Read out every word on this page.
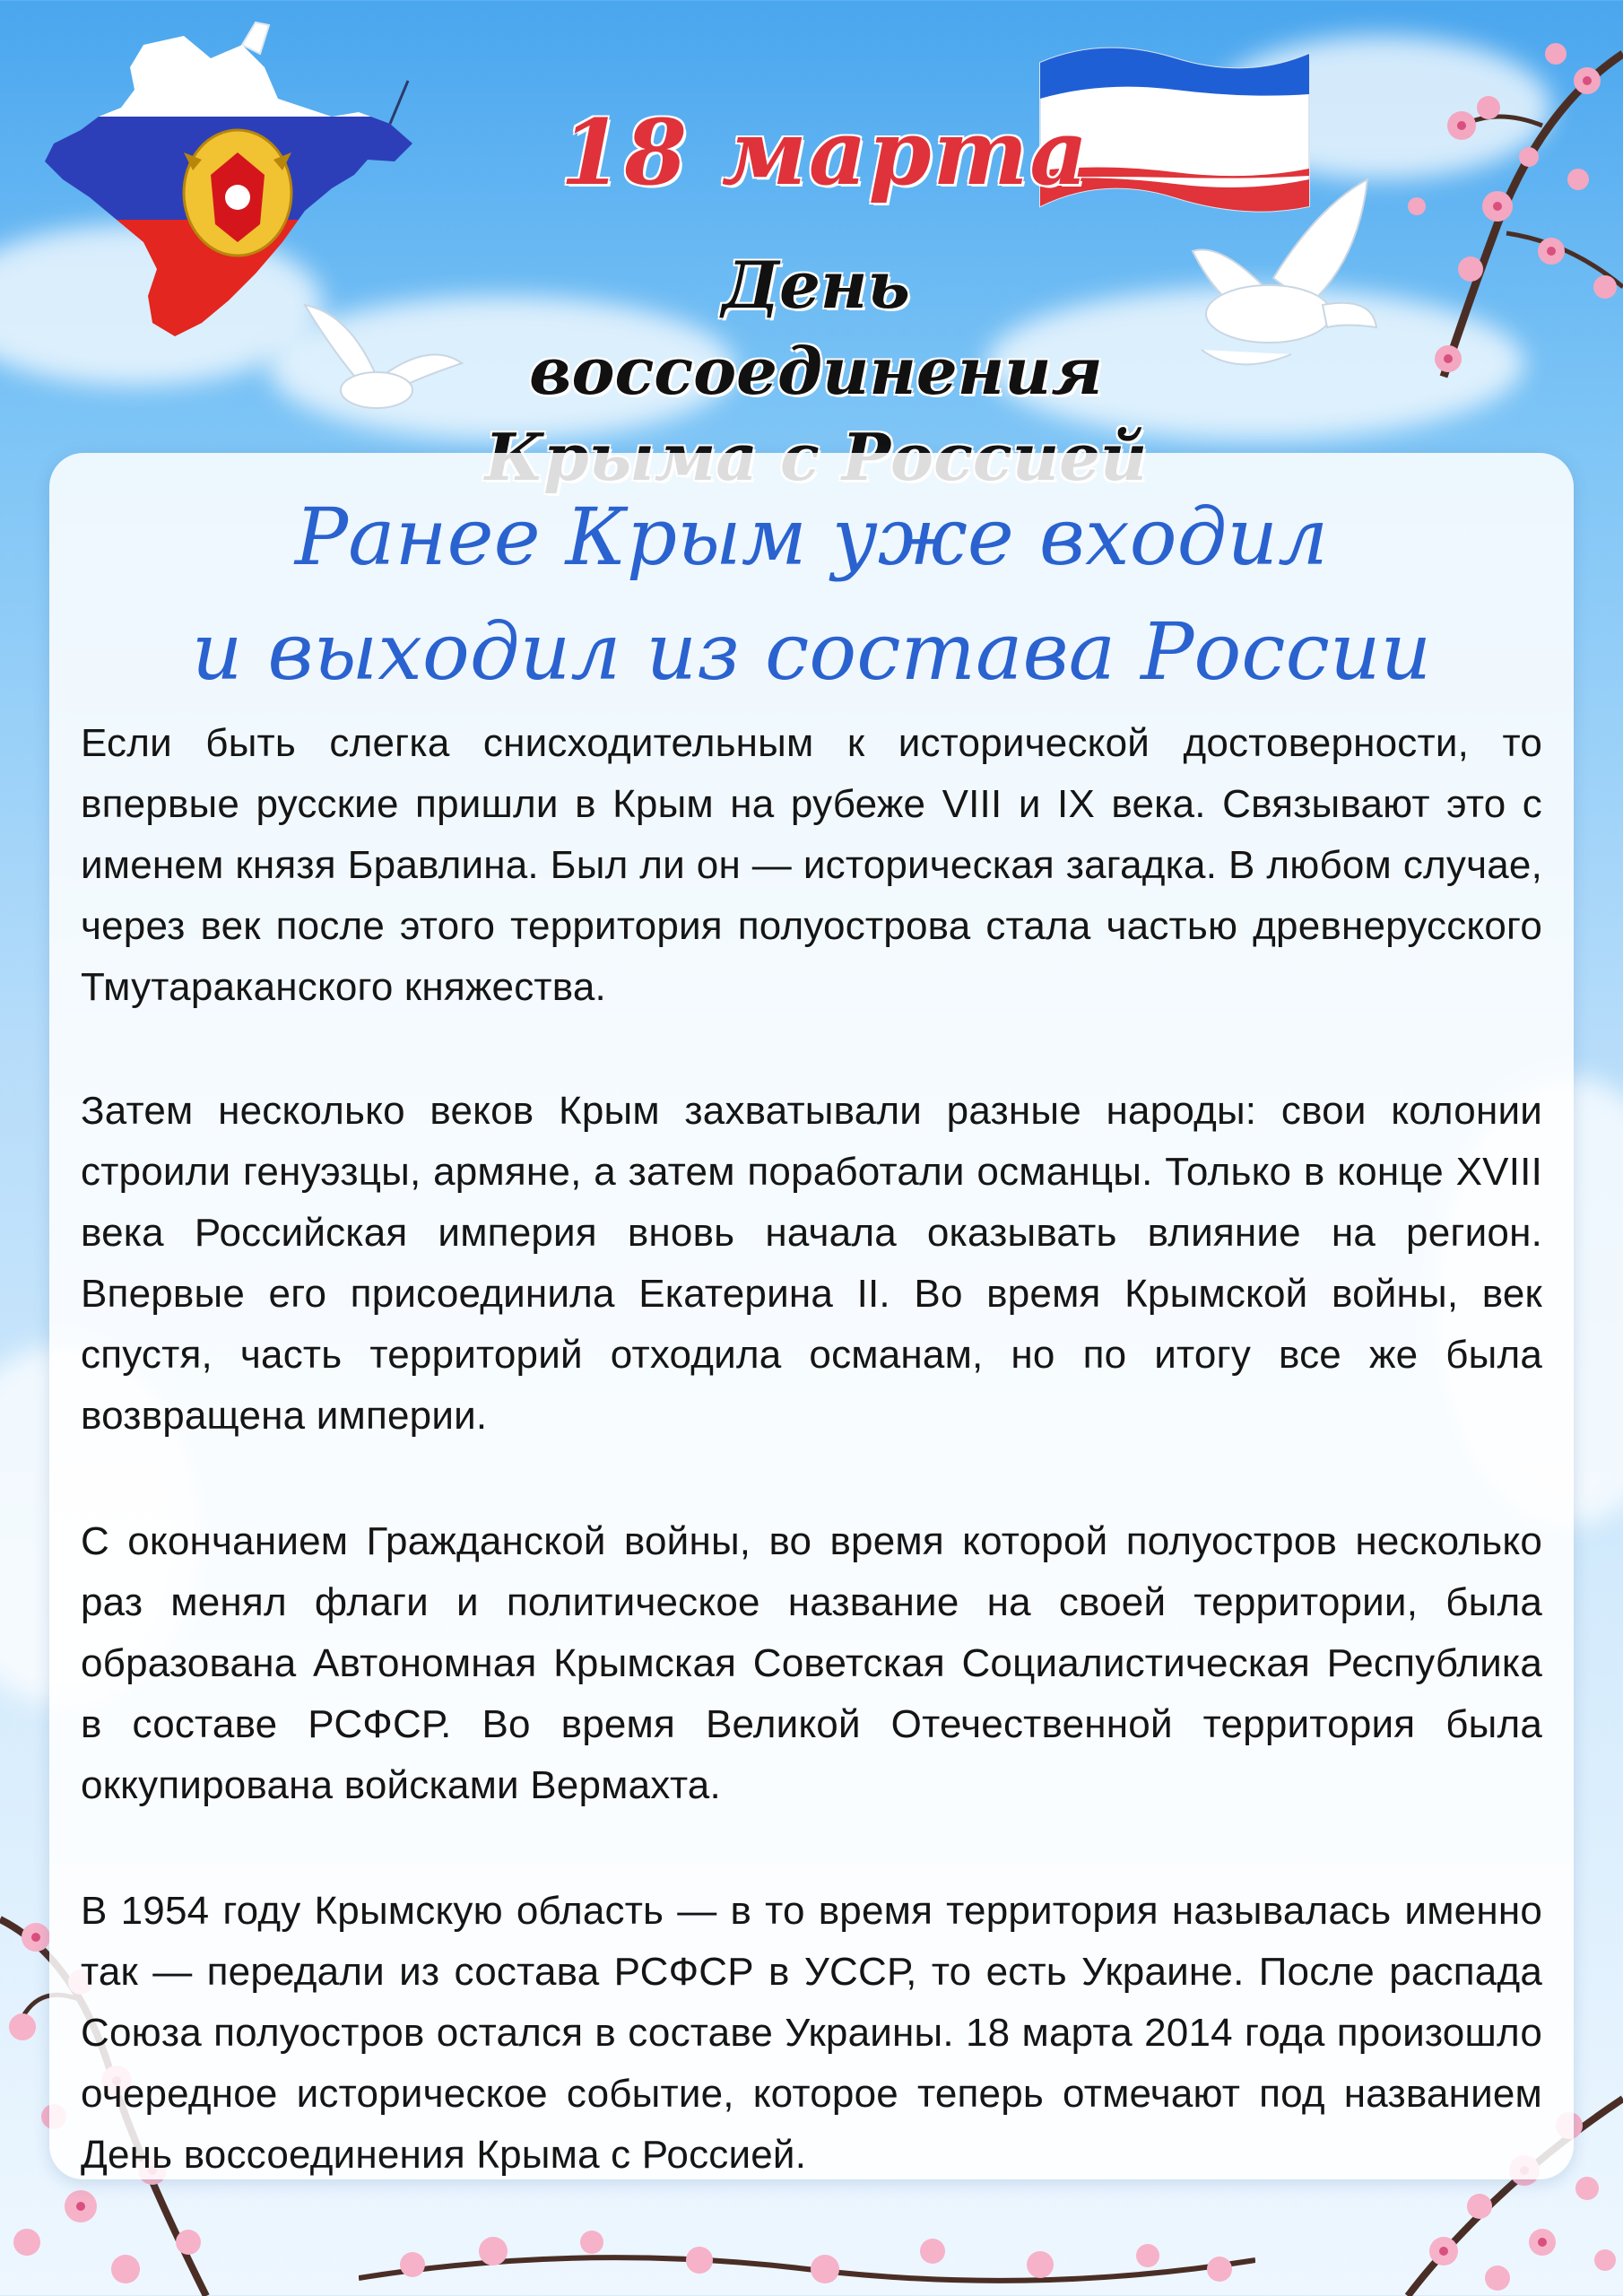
18 марта
День воссоединения
Ранее Крым уже входил
и выходил из состава России

Если быть слегка снисходительным к исторической достоверности, то впервые русские пришли в Крым на рубеже VIII и IX века. Связывают это с именем князя Бравлина. Был ли он — историческая загадка. В любом случае, через век после этого территория полуострова стала частью древнерусского Тмутараканского княжества.

Затем несколько веков Крым захватывали разные народы: свои колонии строили генуэзцы, армяне, а затем поработали османцы. Только в конце XVIII века Российская империя вновь начала оказывать влияние на регион. Впервые его присоединила Екатерина II. Во время Крымской войны, век спустя, часть территорий отходила османам, но по итогу все же была возвращена империи.

С окончанием Гражданской войны, во время которой полуостров несколько раз менял флаги и политическое название на своей территории, была образована Автономная Крымская Советская Социалистическая Республика в составе РСФСР. Во время Великой Отечественной территория была оккупирована войсками Вермахта.

В 1954 году Крымскую область — в то время территория называлась именно так — передали из состава РСФСР в УССР, то есть Украине. После распада Союза полуостров остался в составе Украины. 18 марта 2014 года произошло очередное историческое событие, которое теперь отмечают под названием День воссоединения Крыма с Россией.
